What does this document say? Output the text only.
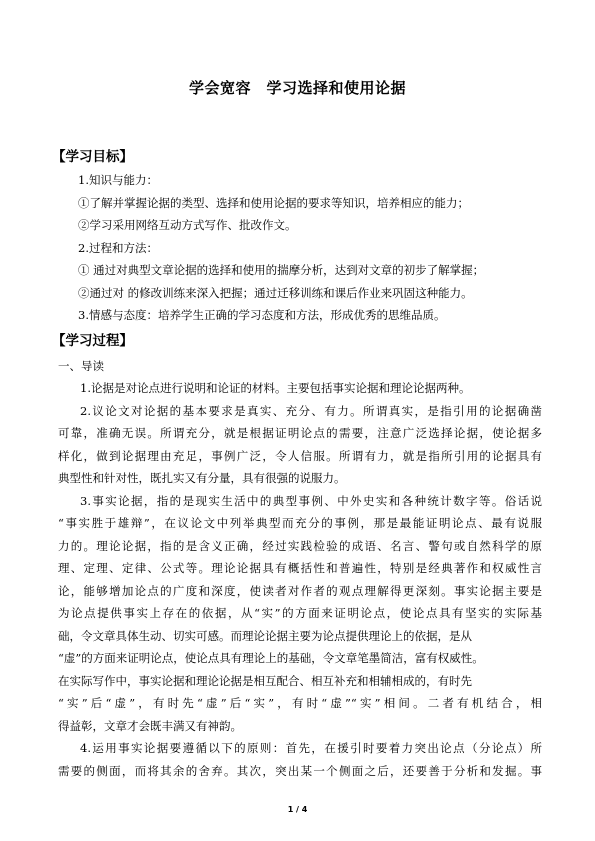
学会宽容　学习选择和使用论据
【学习目标】
1.知识与能力：
①了解并掌握论据的类型、选择和使用论据的要求等知识，培养相应的能力；
②学习采用网络互动方式写作、批改作文。
2.过程和方法：
① 通过对典型文章论据的选择和使用的揣摩分析，达到对文章的初步了解掌握；
②通过对 的修改训练来深入把握；通过迁移训练和课后作业来巩固这种能力。
3.情感与态度：培养学生正确的学习态度和方法，形成优秀的思维品质。
【学习过程】
一、导读
1.论据是对论点进行说明和论证的材料。主要包括事实论据和理论论据两种。
2.议论文对论据的基本要求是真实、充分、有力。所谓真实，是指引用的论据确凿
可靠，准确无误。所谓充分，就是根据证明论点的需要，注意广泛选择论据，使论据多
样化，做到论据理由充足，事例广泛，令人信服。所谓有力，就是指所引用的论据具有
典型性和针对性，既扎实又有分量，具有很强的说服力。
3.事实论据，指的是现实生活中的典型事例、中外史实和各种统计数字等。俗话说
“事实胜于雄辩”，在议论文中列举典型而充分的事例，那是最能证明论点、最有说服
力的。理论论据，指的是含义正确，经过实践检验的成语、名言、警句或自然科学的原
理、定理、定律、公式等。理论论据具有概括性和普遍性，特别是经典著作和权威性言
论，能够增加论点的广度和深度，使读者对作者的观点理解得更深刻。事实论据主要是
为论点提供事实上存在的依据，从“实”的方面来证明论点，使论点具有坚实的实际基
础，令文章具体生动、切实可感。而理论论据主要为论点提供理论上的依据，是从
“虚”的方面来证明论点，使论点具有理论上的基础，令文章笔墨简洁，富有权威性。
在实际写作中，事实论据和理论论据是相互配合、相互补充和相辅相成的，有时先
“实”后“虚”，有时先“虚”后“实”，有时“虚”“实”相间。二者有机结合，相
得益彰，文章才会既丰满又有神韵。
4.运用事实论据要遵循以下的原则：首先，在援引时要着力突出论点（分论点）所
需要的侧面，而将其余的舍弃。其次，突出某一个侧面之后，还要善于分析和发掘。事
1 / 4
